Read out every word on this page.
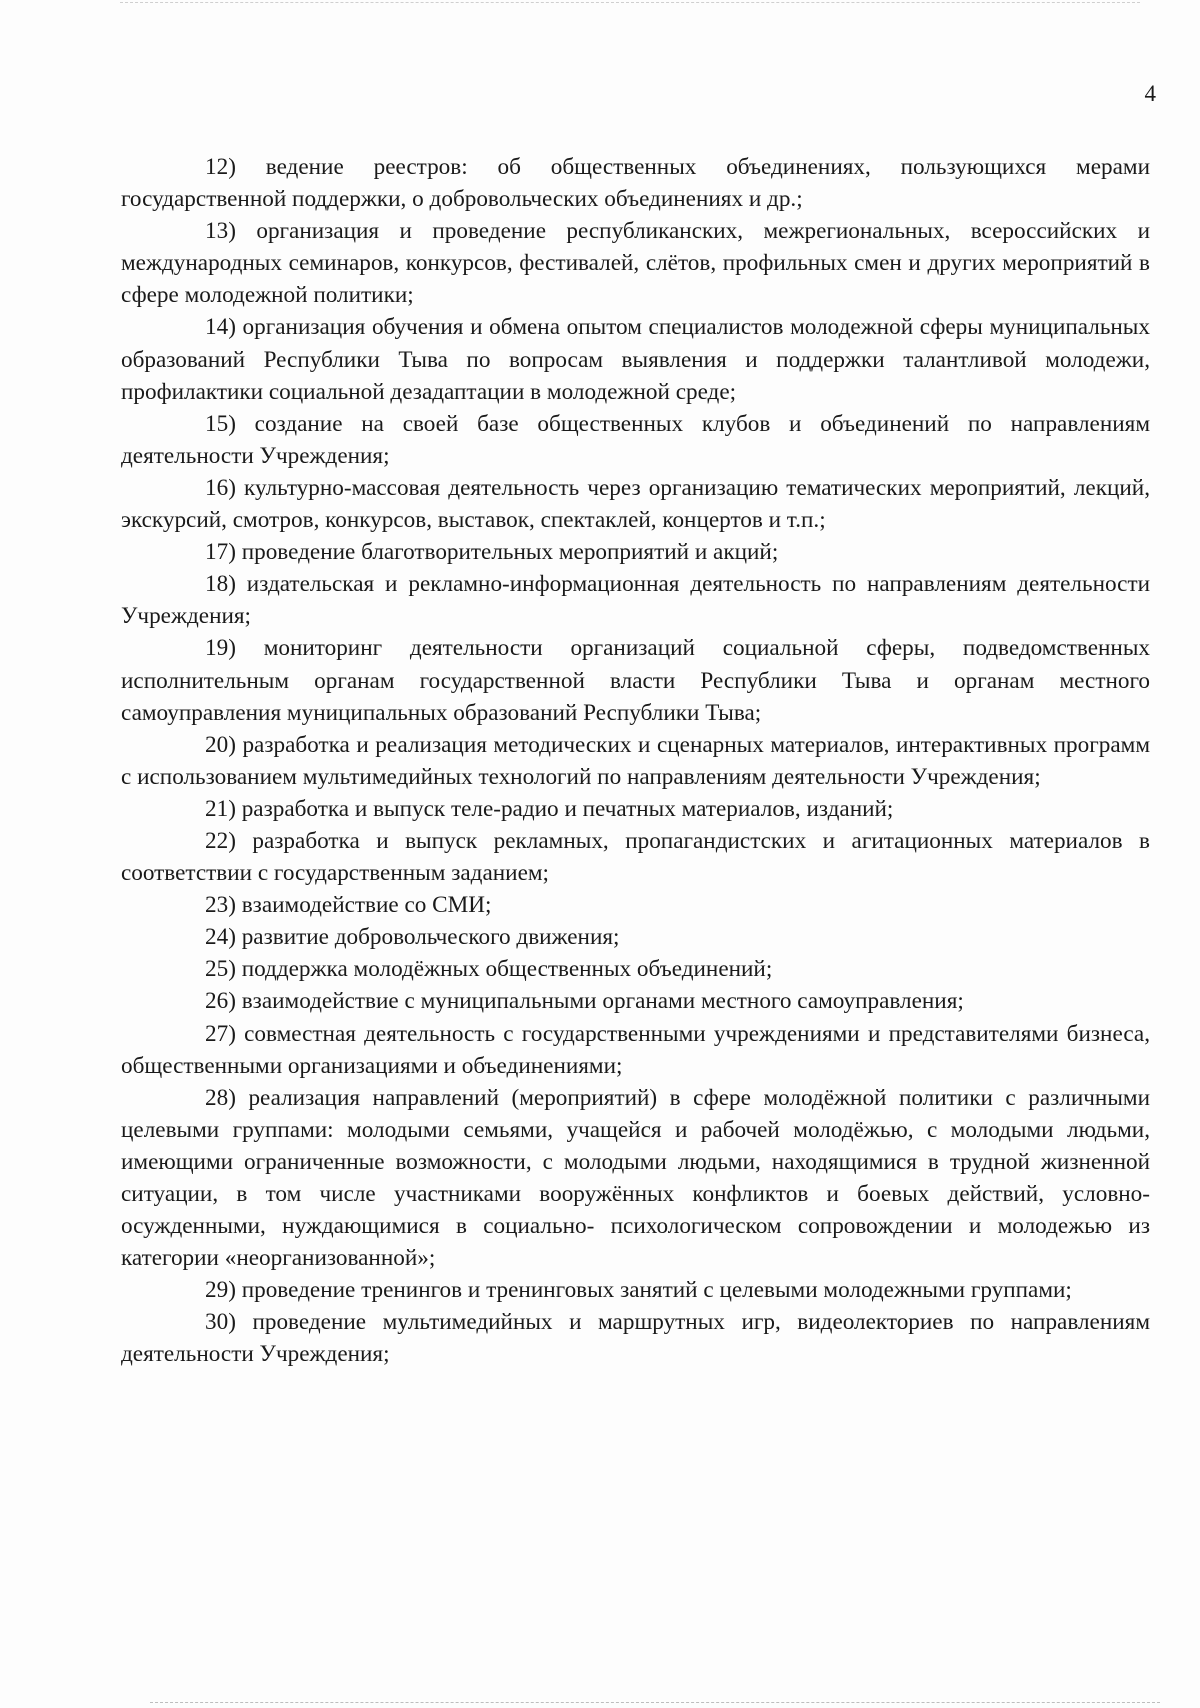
4

12) ведение реестров: об общественных объединениях, пользующихся мерами государственной поддержки, о добровольческих объединениях и др.;

13) организация и проведение республиканских, межрегиональных, всероссийских и международных семинаров, конкурсов, фестивалей, слётов, профильных смен и других мероприятий в сфере молодежной политики;

14) организация обучения и обмена опытом специалистов молодежной сферы муниципальных образований Республики Тыва по вопросам выявления и поддержки талантливой молодежи, профилактики социальной дезадаптации в молодежной среде;

15) создание на своей базе общественных клубов и объединений по направлениям деятельности Учреждения;

16) культурно-массовая деятельность через организацию тематических мероприятий, лекций, экскурсий, смотров, конкурсов, выставок, спектаклей, концертов и т.п.;

17) проведение благотворительных мероприятий и акций;

18) издательская и рекламно-информационная деятельность по направлениям деятельности Учреждения;

19) мониторинг деятельности организаций социальной сферы, подведомственных исполнительным органам государственной власти Республики Тыва и органам местного самоуправления муниципальных образований Республики Тыва;

20) разработка и реализация методических и сценарных материалов, интерактивных программ с использованием мультимедийных технологий по направлениям деятельности Учреждения;

21) разработка и выпуск теле-радио и печатных материалов, изданий;

22) разработка и выпуск рекламных, пропагандистских и агитационных материалов в соответствии с государственным заданием;

23) взаимодействие со СМИ;

24) развитие добровольческого движения;

25) поддержка молодёжных общественных объединений;

26) взаимодействие с муниципальными органами местного самоуправления;

27) совместная деятельность с государственными учреждениями и представителями бизнеса, общественными организациями и объединениями;

28) реализация направлений (мероприятий) в сфере молодёжной политики с различными целевыми группами: молодыми семьями, учащейся и рабочей молодёжью, с молодыми людьми, имеющими ограниченные возможности, с молодыми людьми, находящимися в трудной жизненной ситуации, в том числе участниками вооружённых конфликтов и боевых действий, условно-осужденными, нуждающимися в социально- психологическом сопровождении и молодежью из категории «неорганизованной»;

29) проведение тренингов и тренинговых занятий с целевыми молодежными группами;

30) проведение мультимедийных и маршрутных игр, видеолекториев по направлениям деятельности Учреждения;
